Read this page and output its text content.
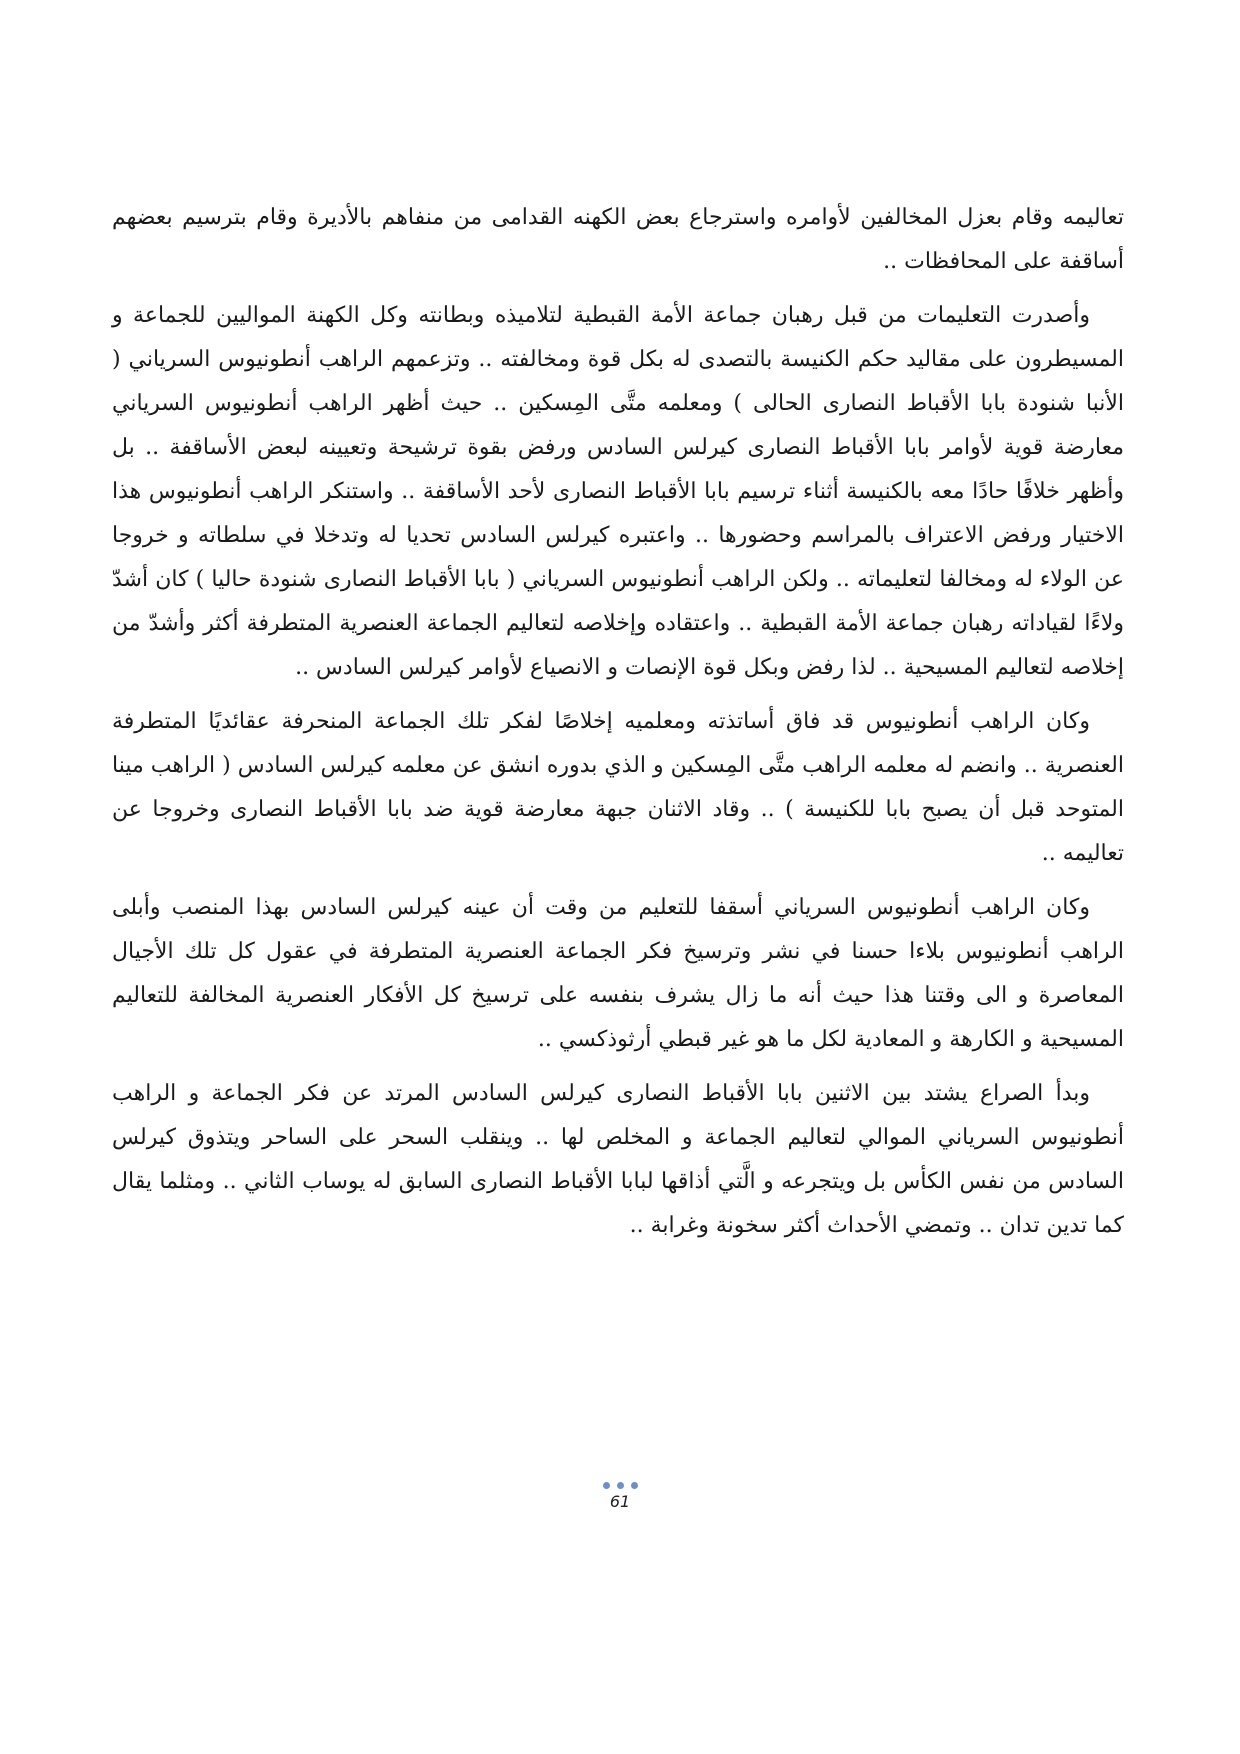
تعاليمه وقام بعزل المخالفين لأوامره واسترجاع بعض الكهنه القدامى من منفاهم بالأديرة وقام بترسيم بعضهم أساقفة على المحافظات ..

وأصدرت التعليمات من قبل رهبان جماعة الأمة القبطية لتلاميذه وبطانته وكل الكهنة المواليين للجماعة و المسيطرون على مقاليد حكم الكنيسة بالتصدى له بكل قوة ومخالفته .. وتزعمهم الراهب أنطونيوس السرياني ( الأنبا شنودة بابا الأقباط النصارى الحالى ) ومعلمه متَّى المِسكين .. حيث أظهر الراهب أنطونيوس السرياني معارضة قوية لأوامر بابا الأقباط النصارى كيرلس السادس ورفض بقوة ترشيحة وتعيينه لبعض الأساقفة .. بل وأظهر خلافًا حادًا معه بالكنيسة أثناء ترسيم بابا الأقباط النصارى لأحد الأساقفة .. واستنكر الراهب أنطونيوس هذا الاختيار ورفض الاعتراف بالمراسم وحضورها .. واعتبره كيرلس السادس تحديا له وتدخلا في سلطاته و خروجا عن الولاء له ومخالفا لتعليماته .. ولكن الراهب أنطونيوس السرياني ( بابا الأقباط النصارى شنودة حاليا ) كان أشدّ ولاءًا لقياداته رهبان جماعة الأمة القبطية .. واعتقاده وإخلاصه لتعاليم الجماعة العنصرية المتطرفة أكثر وأشدّ من إخلاصه لتعاليم المسيحية .. لذا رفض وبكل قوة الإنصات و الانصياع لأوامر كيرلس السادس ..

وكان الراهب أنطونيوس قد فاق أساتذته ومعلميه إخلاصًا لفكر تلك الجماعة المنحرفة عقائديًا المتطرفة العنصرية .. وانضم له معلمه الراهب متَّى المِسكين و الذي بدوره انشق عن معلمه كيرلس السادس ( الراهب مينا المتوحد قبل أن يصبح بابا للكنيسة ) .. وقاد الاثنان جبهة معارضة قوية ضد بابا الأقباط النصارى وخروجا عن تعاليمه ..

وكان الراهب أنطونيوس السرياني أسقفا للتعليم من وقت أن عينه كيرلس السادس بهذا المنصب وأبلى الراهب أنطونيوس بلاءا حسنا في نشر وترسيخ فكر الجماعة العنصرية المتطرفة في عقول كل تلك الأجيال المعاصرة و الى وقتنا هذا حيث أنه ما زال يشرف بنفسه على ترسيخ كل الأفكار العنصرية المخالفة للتعاليم المسيحية و الكارهة و المعادية لكل ما هو غير قبطي أرثوذكسي ..

وبدأ الصراع يشتد بين الاثنين بابا الأقباط النصارى كيرلس السادس المرتد عن فكر الجماعة و الراهب أنطونيوس السرياني الموالي لتعاليم الجماعة و المخلص لها .. وينقلب السحر على الساحر ويتذوق كيرلس السادس من نفس الكأس بل ويتجرعه و الَّتي أذاقها لبابا الأقباط النصارى السابق له يوساب الثاني .. ومثلما يقال كما تدين تدان .. وتمضي الأحداث أكثر سخونة وغرابة ..

61
